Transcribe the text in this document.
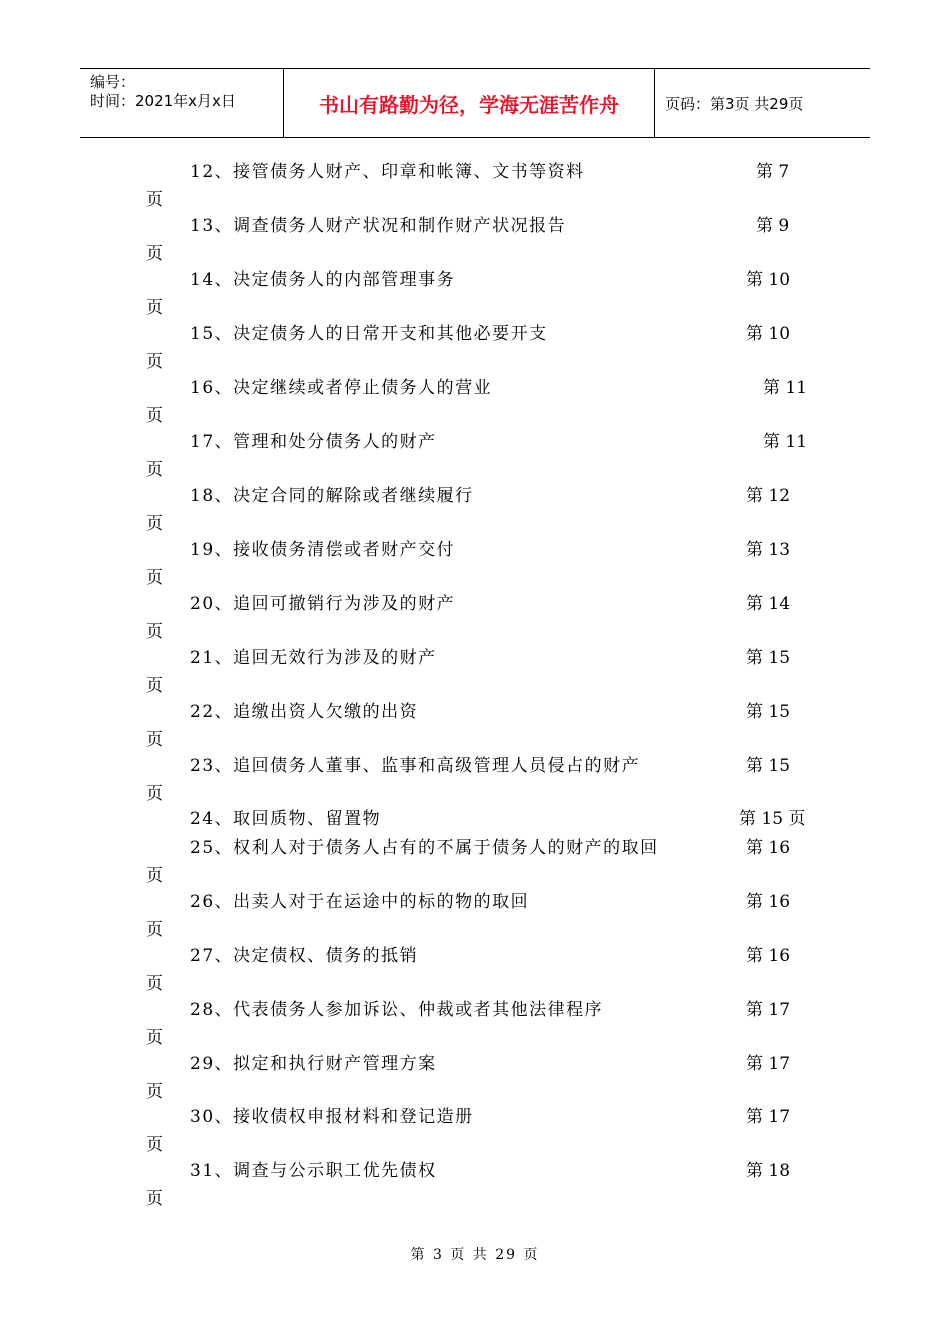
编号：
时间：2021年x月x日	书山有路勤为径，学海无涯苦作舟	页码：第3页 共29页
12、接管债务人财产、印章和帐簿、文书等资料	第 7
页
13、调查债务人财产状况和制作财产状况报告	第 9
页
14、决定债务人的内部管理事务	第 10
页
15、决定债务人的日常开支和其他必要开支	第 10
页
16、决定继续或者停止债务人的营业	第 11
页
17、管理和处分债务人的财产	第 11
页
18、决定合同的解除或者继续履行	第 12
页
19、接收债务清偿或者财产交付	第 13
页
20、追回可撤销行为涉及的财产	第 14
页
21、追回无效行为涉及的财产	第 15
页
22、追缴出资人欠缴的出资	第 15
页
23、追回债务人董事、监事和高级管理人员侵占的财产	第 15
页
24、取回质物、留置物	第 15 页
25、权利人对于债务人占有的不属于债务人的财产的取回	第 16
页
26、出卖人对于在运途中的标的物的取回	第 16
页
27、决定债权、债务的抵销	第 16
页
28、代表债务人参加诉讼、仲裁或者其他法律程序	第 17
页
29、拟定和执行财产管理方案	第 17
页
30、接收债权申报材料和登记造册	第 17
页
31、调查与公示职工优先债权	第 18
页
第 3 页 共 29 页
